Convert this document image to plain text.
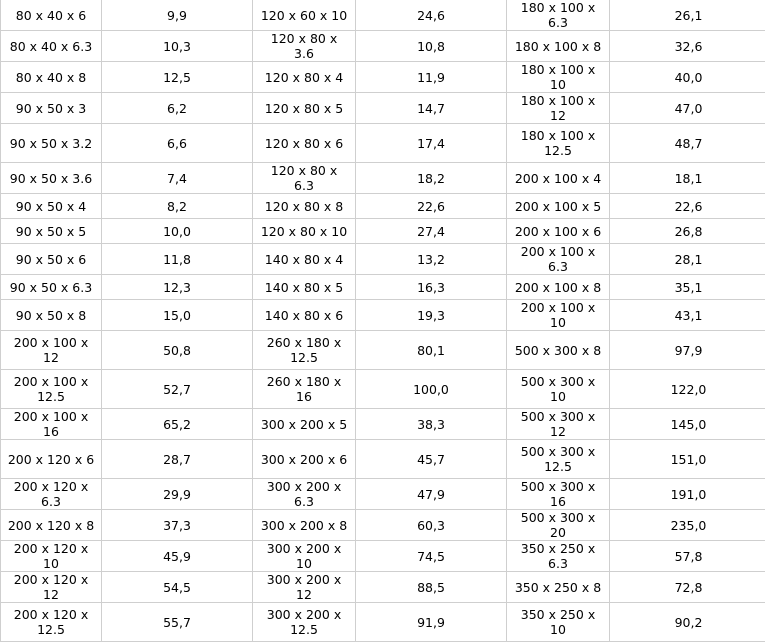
80 x 40 x 6	9,9	120 x 60 x 10	24,6	180 x 100 x 6.3	26,1
80 x 40 x 6.3	10,3	120 x 80 x 3.6	10,8	180 x 100 x 8	32,6
80 x 40 x 8	12,5	120 x 80 x 4	11,9	180 x 100 x 10	40,0
90 x 50 x 3	6,2	120 x 80 x 5	14,7	180 x 100 x 12	47,0
90 x 50 x 3.2	6,6	120 x 80 x 6	17,4	180 x 100 x 12.5	48,7
90 x 50 x 3.6	7,4	120 x 80 x 6.3	18,2	200 x 100 x 4	18,1
90 x 50 x 4	8,2	120 x 80 x 8	22,6	200 x 100 x 5	22,6
90 x 50 x 5	10,0	120 x 80 x 10	27,4	200 x 100 x 6	26,8
90 x 50 x 6	11,8	140 x 80 x 4	13,2	200 x 100 x 6.3	28,1
90 x 50 x 6.3	12,3	140 x 80 x 5	16,3	200 x 100 x 8	35,1
90 x 50 x 8	15,0	140 x 80 x 6	19,3	200 x 100 x 10	43,1
200 x 100 x 12	50,8	260 x 180 x 12.5	80,1	500 x 300 x 8	97,9
200 x 100 x 12.5	52,7	260 x 180 x 16	100,0	500 x 300 x 10	122,0
200 x 100 x 16	65,2	300 x 200 x 5	38,3	500 x 300 x 12	145,0
200 x 120 x 6	28,7	300 x 200 x 6	45,7	500 x 300 x 12.5	151,0
200 x 120 x 6.3	29,9	300 x 200 x 6.3	47,9	500 x 300 x 16	191,0
200 x 120 x 8	37,3	300 x 200 x 8	60,3	500 x 300 x 20	235,0
200 x 120 x 10	45,9	300 x 200 x 10	74,5	350 x 250 x 6.3	57,8
200 x 120 x 12	54,5	300 x 200 x 12	88,5	350 x 250 x 8	72,8
200 x 120 x 12.5	55,7	300 x 200 x 12.5	91,9	350 x 250 x 10	90,2
